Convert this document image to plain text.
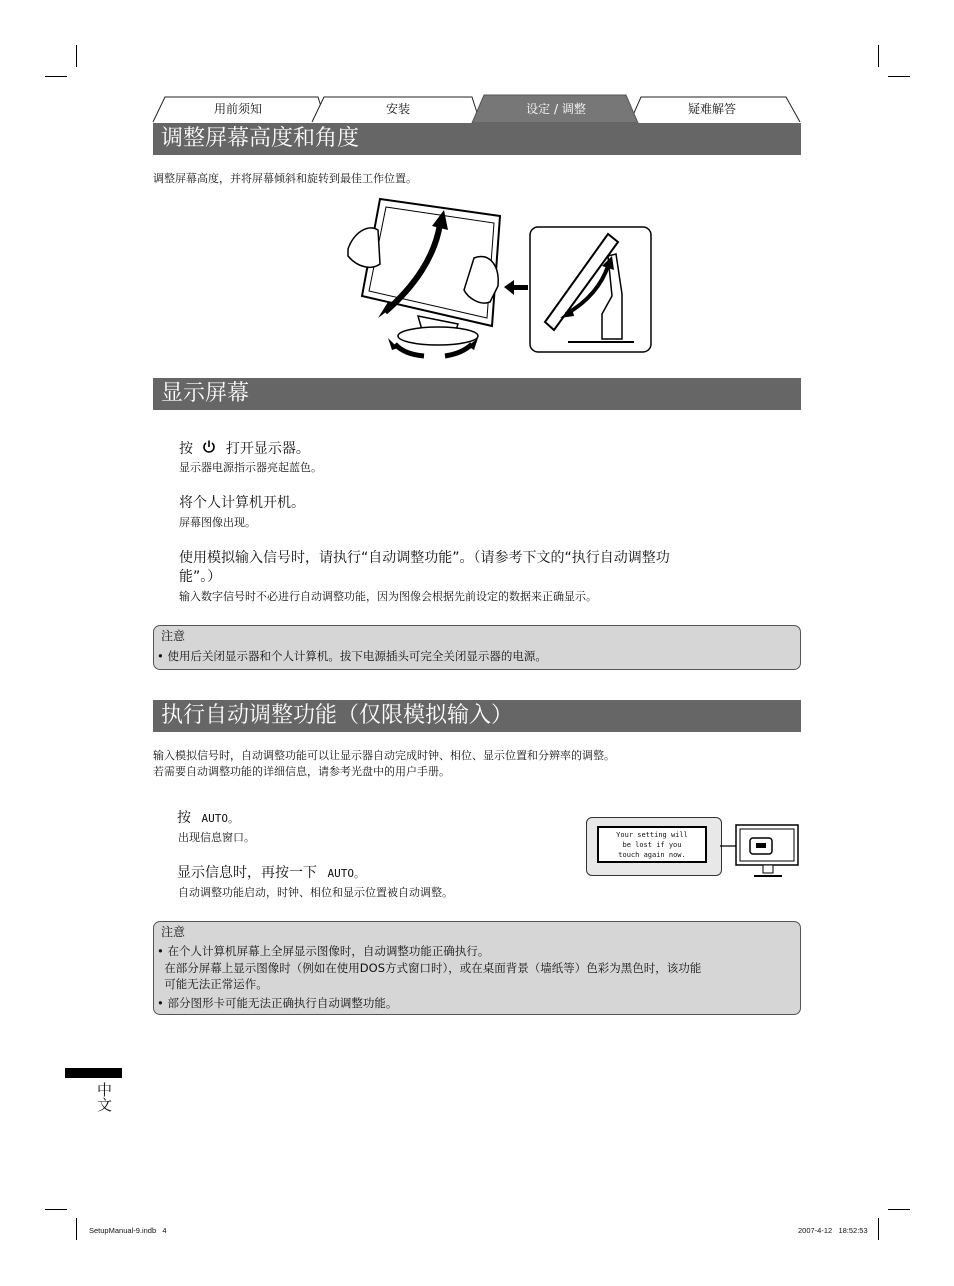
用前须知	安装	设定 / 调整	疑难解答
调整屏幕高度和角度
调整屏幕高度，并将屏幕倾斜和旋转到最佳工作位置。
显示屏幕
按 打开显示器。
显示器电源指示器亮起蓝色。
将个人计算机开机。
屏幕图像出现。
使用模拟输入信号时，请执行“自动调整功能”。（请参考下文的“执行自动调整功
能”。）
输入数字信号时不必进行自动调整功能，因为图像会根据先前设定的数据来正确显示。
注意
• 使用后关闭显示器和个人计算机。拔下电源插头可完全关闭显示器的电源。
执行自动调整功能（仅限模拟输入）
输入模拟信号时，自动调整功能可以让显示器自动完成时钟、相位、显示位置和分辨率的调整。
若需要自动调整功能的详细信息，请参考光盘中的用户手册。
按 AUTO。
出现信息窗口。
显示信息时，再按一下 AUTO。
自动调整功能启动，时钟、相位和显示位置被自动调整。
Your setting will
be lost if you
touch again now.
注意
• 在个人计算机屏幕上全屏显示图像时，自动调整功能正确执行。
在部分屏幕上显示图像时（例如在使用DOS方式窗口时），或在桌面背景（墙纸等）色彩为黑色时，该功能
可能无法正常运作。
• 部分图形卡可能无法正确执行自动调整功能。
中文
SetupManual-9.indb   4	2007-4-12   18:52:53
